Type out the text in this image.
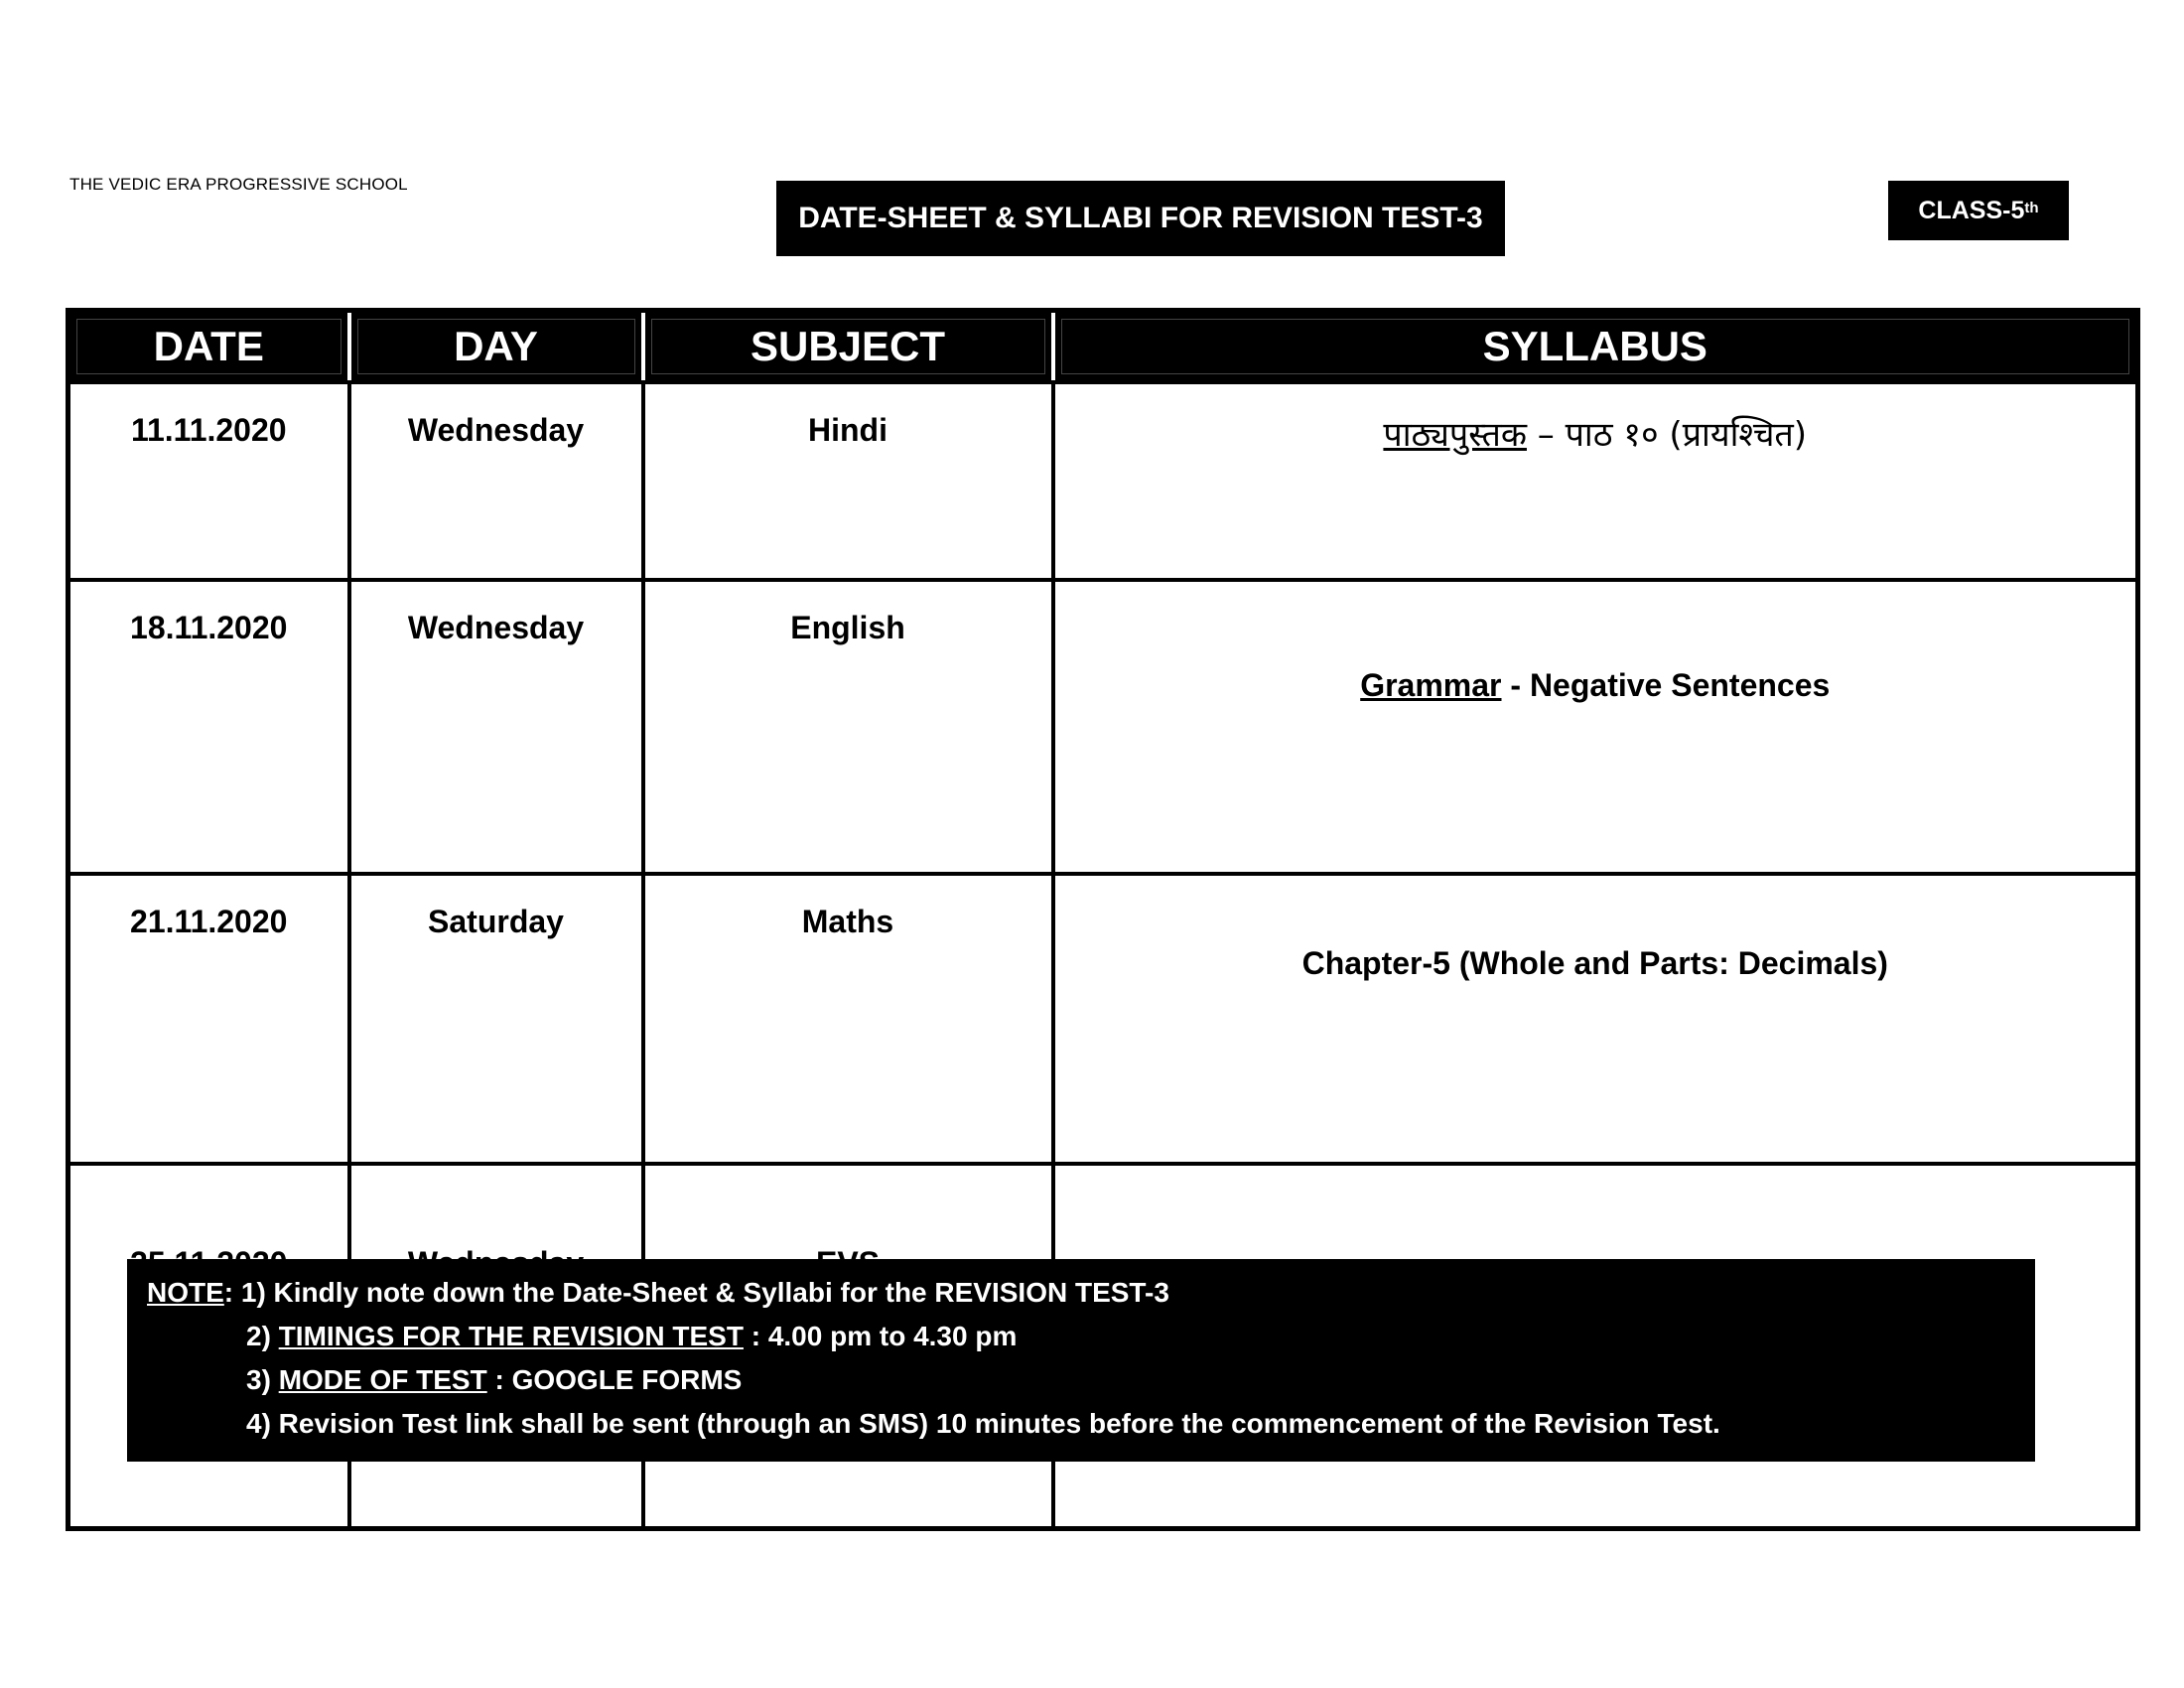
THE VEDIC ERA PROGRESSIVE SCHOOL
DATE-SHEET & SYLLABI FOR REVISION TEST-3	CLASS-5th
DATE	DAY	SUBJECT	SYLLABUS
11.11.2020	Wednesday	Hindi	पाठ्यपुस्तक – पाठ १० (प्रायश्चित)
18.11.2020	Wednesday	English	Grammar - Negative Sentences
21.11.2020	Saturday	Maths	Chapter-5 (Whole and Parts: Decimals)

NOTE: 1) Kindly note down the Date-Sheet & Syllabi for the REVISION TEST-3
2) TIMINGS FOR THE REVISION TEST : 4.00 pm to 4.30 pm
3) MODE OF TEST : GOOGLE FORMS
4) Revision Test link shall be sent (through an SMS) 10 minutes before the commencement of the Revision Test.
